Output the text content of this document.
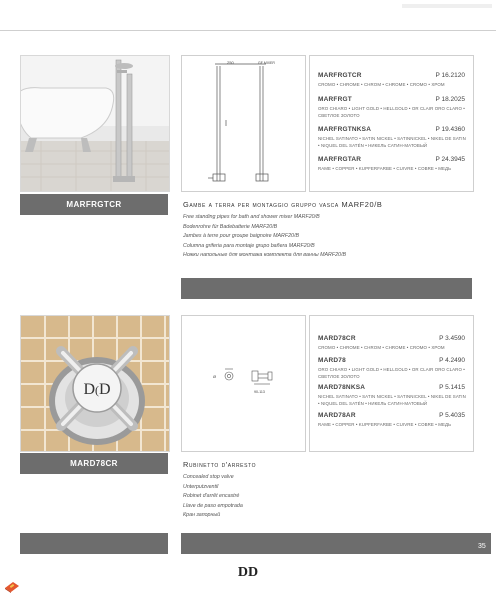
MARFRGTCR
250	GF MIXER
MARFRGTCR	P 16.2120
CROMO • CHROME • CHROM • CHROME • CROMO • ХРОМ
MARFRGT	P 18.2025
ORO CHIARO • LIGHT GOLD • HELLGOLD • OR CLAIR ORO CLARO • СВЕТЛОЕ ЗОЛОТО
MARFRGTNKSA	P 19.4360
NICHEL SATINATO • SATIN NICKEL • SATINNICKEL • NIKEL DE SATIN • NIQUEL DEL SATÉN • НИКЕЛЬ САТИН-МАТОВЫЙ
MARFRGTAR	P 24.3945
RAME • COPPER • KUPFERFARBE • CUIVRE • COBRE • МЕДЬ
Gambe a terra per montaggio gruppo vasca MARF20/B
Free standing pipes for bath and shower mixer MARF20/B
Bodenrohre für Badebatterie MARF20/B
Jambes à terre pour groupe baignoire MARF20/B
Columna griferia para montaje grupo bañera MARF20/B
Ножки напольные для монтажа комплекта для ванны MARF20/B
D(D
MARD78CR
Ø
90-113
MARD78CR	P 3.4590
CROMO • CHROME • CHROM • CHROME • CROMO • ХРОМ
MARD78	P 4.2490
ORO CHIARO • LIGHT GOLD • HELLGOLD • OR CLAIR ORO CLARO • СВЕТЛОЕ ЗОЛОТО
MARD78NKSA	P 5.1415
NICHEL SATINATO • SATIN NICKEL • SATINNICKEL • NIKEL DE SATIN • NIQUEL DEL SATÉN • НИКЕЛЬ САТИН-МАТОВЫЙ
MARD78AR	P 5.4035
RAME • COPPER • KUPFERFARBE • CUIVRE • COBRE • МЕДЬ
Rubinetto d'arresto
Concealed stop valve
Unterputzventil
Robinet d'arrêt encastré
Llave de paso empotrada
Кран запорный
35
DD
